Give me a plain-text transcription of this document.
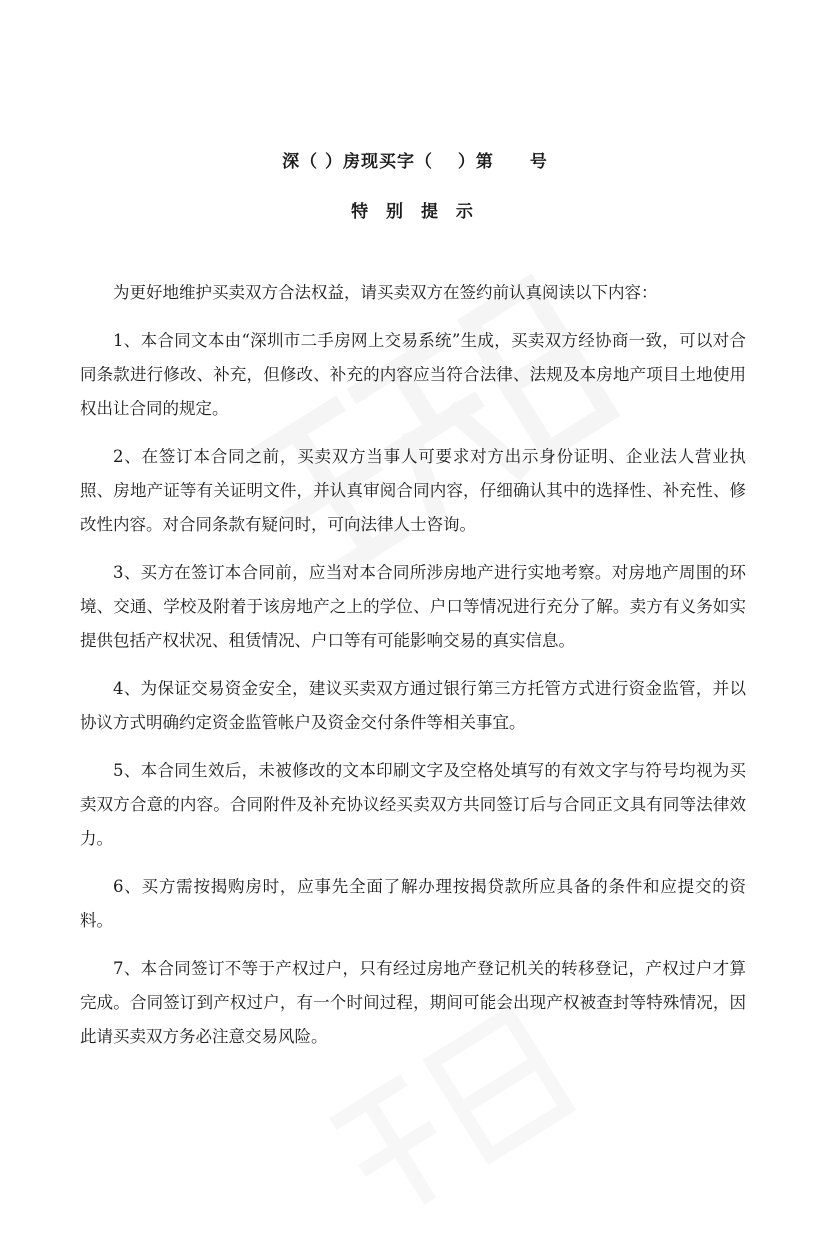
深（ ）房现买字（　 ）第　　号
特 别 提 示

为更好地维护买卖双方合法权益，请买卖双方在签约前认真阅读以下内容：

1、本合同文本由“深圳市二手房网上交易系统”生成，买卖双方经协商一致，可以对合同条款进行修改、补充，但修改、补充的内容应当符合法律、法规及本房地产项目土地使用权出让合同的规定。

2、在签订本合同之前，买卖双方当事人可要求对方出示身份证明、企业法人营业执照、房地产证等有关证明文件，并认真审阅合同内容，仔细确认其中的选择性、补充性、修改性内容。对合同条款有疑问时，可向法律人士咨询。

3、买方在签订本合同前，应当对本合同所涉房地产进行实地考察。对房地产周围的环境、交通、学校及附着于该房地产之上的学位、户口等情况进行充分了解。卖方有义务如实提供包括产权状况、租赁情况、户口等有可能影响交易的真实信息。

4、为保证交易资金安全，建议买卖双方通过银行第三方托管方式进行资金监管，并以协议方式明确约定资金监管帐户及资金交付条件等相关事宜。

5、本合同生效后，未被修改的文本印刷文字及空格处填写的有效文字与符号均视为买卖双方合意的内容。合同附件及补充协议经买卖双方共同签订后与合同正文具有同等法律效力。

6、买方需按揭购房时，应事先全面了解办理按揭贷款所应具备的条件和应提交的资料。

7、本合同签订不等于产权过户，只有经过房地产登记机关的转移登记，产权过户才算完成。合同签订到产权过户，有一个时间过程，期间可能会出现产权被查封等特殊情况，因此请买卖双方务必注意交易风险。
